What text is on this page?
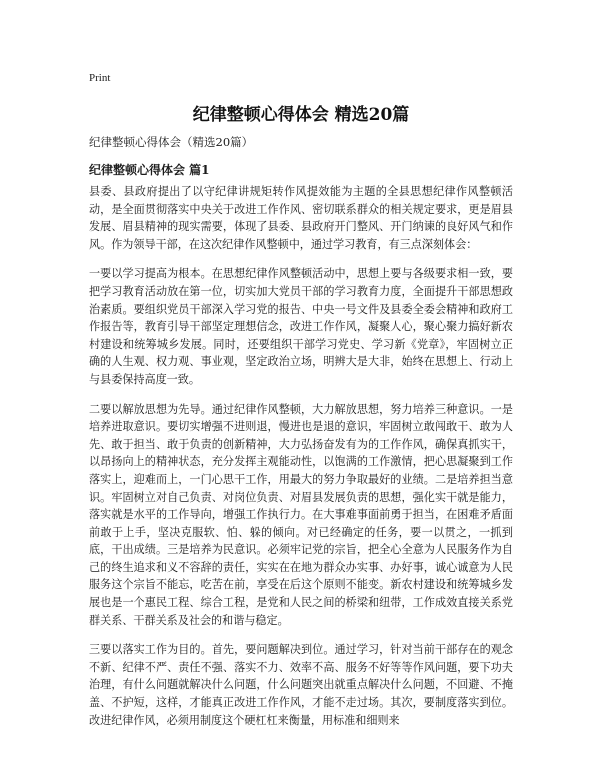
Print
纪律整顿心得体会 精选20篇
纪律整顿心得体会（精选20篇）
纪律整顿心得体会 篇1

县委、县政府提出了以守纪律讲规矩转作风提效能为主题的全县思想纪律作风整顿活动，是全面贯彻落实中央关于改进工作作风、密切联系群众的相关规定要求，更是眉县发展、眉县精神的现实需要，体现了县委、县政府开门整风、开门纳谏的良好风气和作风。作为领导干部，在这次纪律作风整顿中，通过学习教育，有三点深刻体会：

一要以学习提高为根本。在思想纪律作风整顿活动中，思想上要与各级要求相一致，要把学习教育活动放在第一位，切实加大党员干部的学习教育力度，全面提升干部思想政治素质。要组织党员干部深入学习党的报告、中央一号文件及县委全委会精神和政府工作报告等，教育引导干部坚定理想信念，改进工作作风，凝聚人心，聚心聚力搞好新农村建设和统筹城乡发展。同时，还要组织干部学习党史、学习新《党章》，牢固树立正确的人生观、权力观、事业观，坚定政治立场，明辨大是大非，始终在思想上、行动上与县委保持高度一致。

二要以解放思想为先导。通过纪律作风整顿，大力解放思想，努力培养三种意识。一是培养进取意识。要切实增强不进则退，慢进也是退的意识，牢固树立敢闯敢干、敢为人先、敢于担当、敢于负责的创新精神，大力弘扬奋发有为的工作作风，确保真抓实干，以昂扬向上的精神状态，充分发挥主观能动性，以饱满的工作激情，把心思凝聚到工作落实上，迎难而上，一门心思干工作，用最大的努力争取最好的业绩。二是培养担当意识。牢固树立对自己负责、对岗位负责、对眉县发展负责的思想，强化实干就是能力，落实就是水平的工作导向，增强工作执行力。在大事难事面前勇于担当，在困难矛盾面前敢于上手，坚决克服软、怕、躲的倾向。对已经确定的任务，要一以贯之，一抓到底，干出成绩。三是培养为民意识。必须牢记党的宗旨，把全心全意为人民服务作为自己的终生追求和义不容辞的责任，实实在在地为群众办实事、办好事，诚心诚意为人民服务这个宗旨不能忘，吃苦在前，享受在后这个原则不能变。新农村建设和统筹城乡发展也是一个惠民工程、综合工程，是党和人民之间的桥梁和纽带，工作成效直接关系党群关系、干群关系及社会的和谐与稳定。

三要以落实工作为目的。首先，要问题解决到位。通过学习，针对当前干部存在的观念不新、纪律不严、责任不强、落实不力、效率不高、服务不好等等作风问题，要下功夫治理，有什么问题就解决什么问题，什么问题突出就重点解决什么问题，不回避、不掩盖、不护短，这样，才能真正改进工作作风，才能不走过场。其次，要制度落实到位。改进纪律作风，必须用制度这个硬杠杠来衡量，用标准和细则来
